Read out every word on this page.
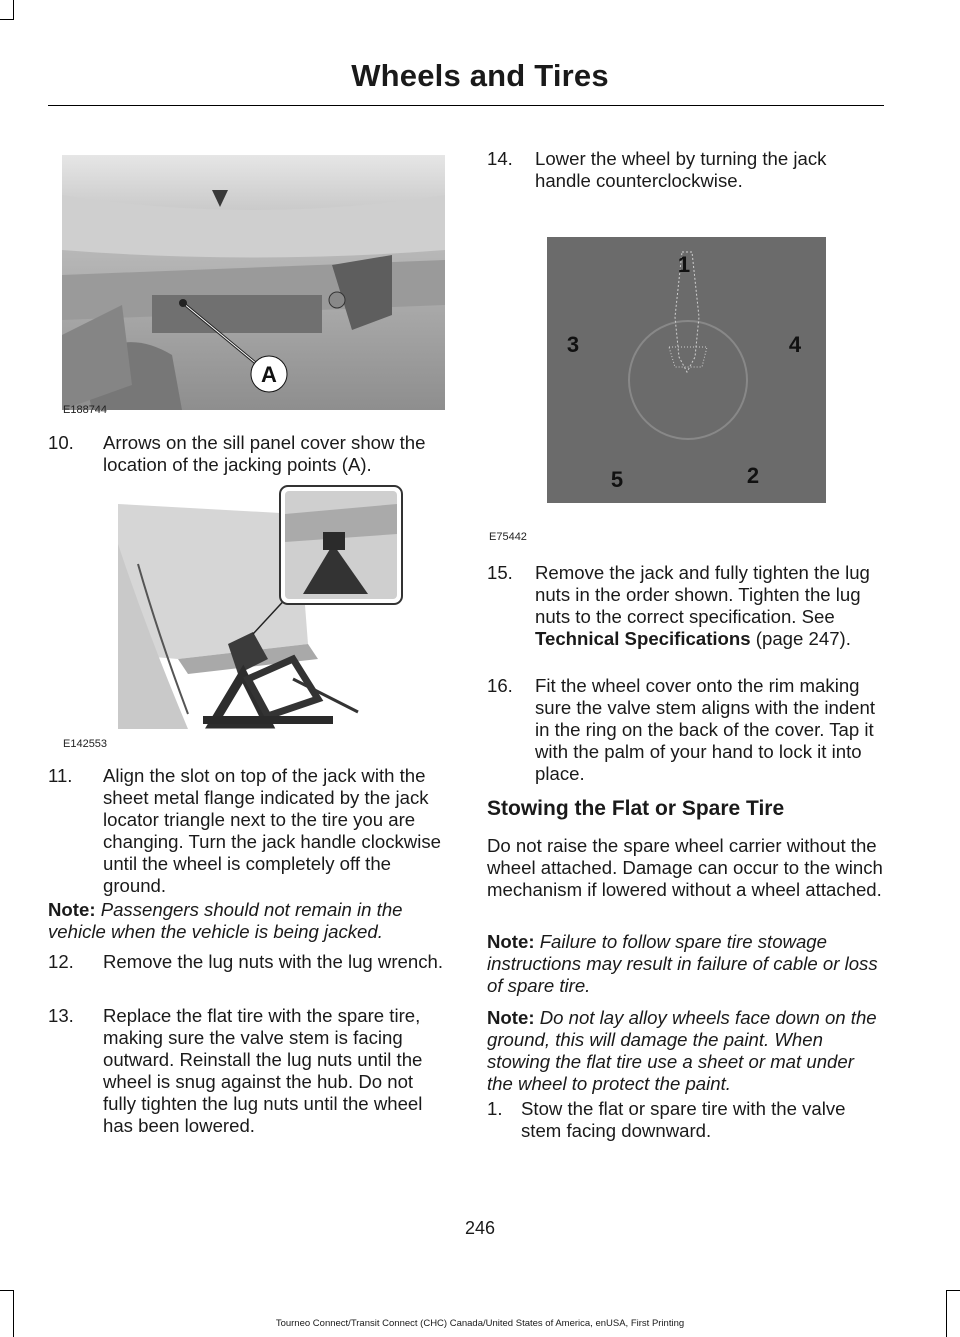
Wheels and Tires
A
E188744
10. Arrows on the sill panel cover show the location of the jacking points (A).
E142553
11. Align the slot on top of the jack with the sheet metal flange indicated by the jack locator triangle next to the tire you are changing. Turn the jack handle clockwise until the wheel is completely off the ground.

Note: Passengers should not remain in the vehicle when the vehicle is being jacked.

12. Remove the lug nuts with the lug wrench.
13. Replace the flat tire with the spare tire, making sure the valve stem is facing outward. Reinstall the lug nuts until the wheel is snug against the hub. Do not fully tighten the lug nuts until the wheel has been lowered.
14. Lower the wheel by turning the jack handle counterclockwise.
1
2
3	4
5
E75442
15. Remove the jack and fully tighten the lug nuts in the order shown. Tighten the lug nuts to the correct specification. See Technical Specifications (page 247).
16. Fit the wheel cover onto the rim making sure the valve stem aligns with the indent in the ring on the back of the cover. Tap it with the palm of your hand to lock it into place.
Stowing the Flat or Spare Tire

Do not raise the spare wheel carrier without the wheel attached. Damage can occur to the winch mechanism if lowered without a wheel attached.

Note: Failure to follow spare tire stowage instructions may result in failure of cable or loss of spare tire.

Note: Do not lay alloy wheels face down on the ground, this will damage the paint. When stowing the flat tire use a sheet or mat under the wheel to protect the paint.

1. Stow the flat or spare tire with the valve stem facing downward.
246
Tourneo Connect/Transit Connect (CHC) Canada/United States of America, enUSA, First Printing
